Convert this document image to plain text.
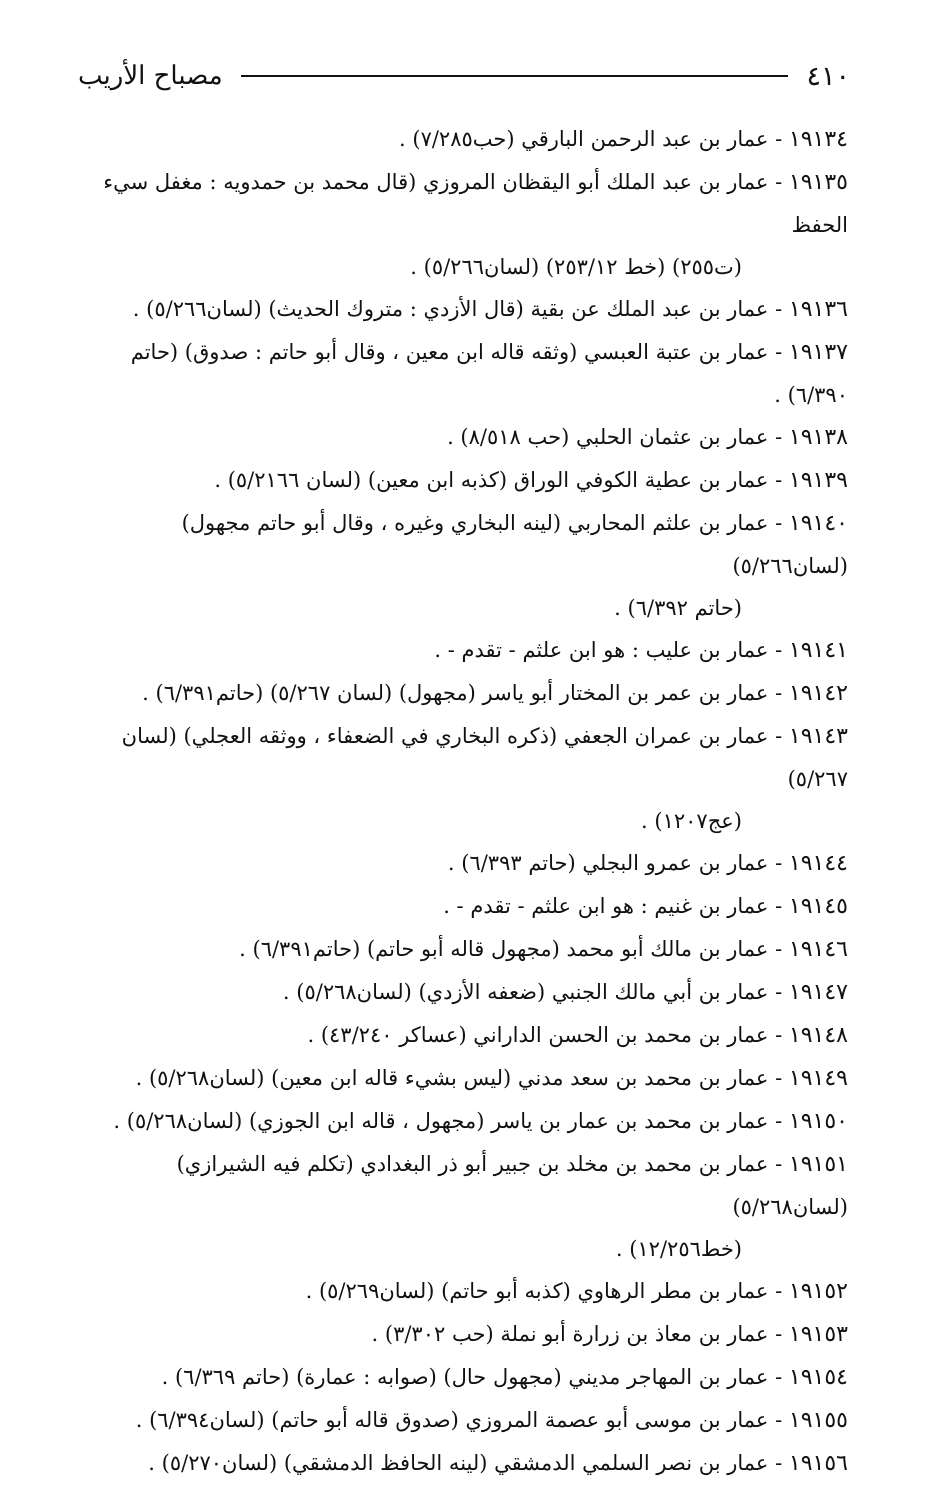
٤١٠
مصباح الأريب

١٩١٣٤ - عمار بن عبد الرحمن البارقي (حب٧/٢٨٥) .

١٩١٣٥ - عمار بن عبد الملك أبو اليقظان المروزي (قال محمد بن حمدويه : مغفل سيء الحفظ
(ت٢٥٥) (خط ٢٥٣/١٢) (لسان٥/٢٦٦) .

١٩١٣٦ - عمار بن عبد الملك عن بقية (قال الأزدي : متروك الحديث) (لسان٥/٢٦٦) .

١٩١٣٧ - عمار بن عتبة العبسي (وثقه قاله ابن معين ، وقال أبو حاتم : صدوق) (حاتم ٦/٣٩٠) .

١٩١٣٨ - عمار بن عثمان الحلبي (حب ٨/٥١٨) .

١٩١٣٩ - عمار بن عطية الكوفي الوراق (كذبه ابن معين) (لسان ٥/٢١٦٦) .

١٩١٤٠ - عمار بن علثم المحاربي (لينه البخاري وغيره ، وقال أبو حاتم مجهول) (لسان٥/٢٦٦)
(حاتم ٦/٣٩٢) .

١٩١٤١ - عمار بن عليب : هو ابن علثم - تقدم - .

١٩١٤٢ - عمار بن عمر بن المختار أبو ياسر (مجهول) (لسان ٥/٢٦٧) (حاتم٦/٣٩١) .

١٩١٤٣ - عمار بن عمران الجعفي (ذكره البخاري في الضعفاء ، ووثقه العجلي) (لسان ٥/٢٦٧)
(عج١٢٠٧) .

١٩١٤٤ - عمار بن عمرو البجلي (حاتم ٦/٣٩٣) .

١٩١٤٥ - عمار بن غنيم : هو ابن علثم - تقدم - .

١٩١٤٦ - عمار بن مالك أبو محمد (مجهول قاله أبو حاتم) (حاتم٦/٣٩١) .

١٩١٤٧ - عمار بن أبي مالك الجنبي (ضعفه الأزدي) (لسان٥/٢٦٨) .

١٩١٤٨ - عمار بن محمد بن الحسن الداراني (عساكر ٤٣/٢٤٠) .

١٩١٤٩ - عمار بن محمد بن سعد مدني (ليس بشيء قاله ابن معين) (لسان٥/٢٦٨) .

١٩١٥٠ - عمار بن محمد بن عمار بن ياسر (مجهول ، قاله ابن الجوزي) (لسان٥/٢٦٨) .

١٩١٥١ - عمار بن محمد بن مخلد بن جبير أبو ذر البغدادي (تكلم فيه الشيرازي) (لسان٥/٢٦٨)
(خط١٢/٢٥٦) .

١٩١٥٢ - عمار بن مطر الرهاوي (كذبه أبو حاتم) (لسان٥/٢٦٩) .

١٩١٥٣ - عمار بن معاذ بن زرارة أبو نملة (حب ٣/٣٠٢) .

١٩١٥٤ - عمار بن المهاجر مديني (مجهول حال) (صوابه : عمارة) (حاتم ٦/٣٦٩) .

١٩١٥٥ - عمار بن موسى أبو عصمة المروزي (صدوق قاله أبو حاتم) (لسان٦/٣٩٤) .

١٩١٥٦ - عمار بن نصر السلمي الدمشقي (لينه الحافظ الدمشقي) (لسان٥/٢٧٠) .
